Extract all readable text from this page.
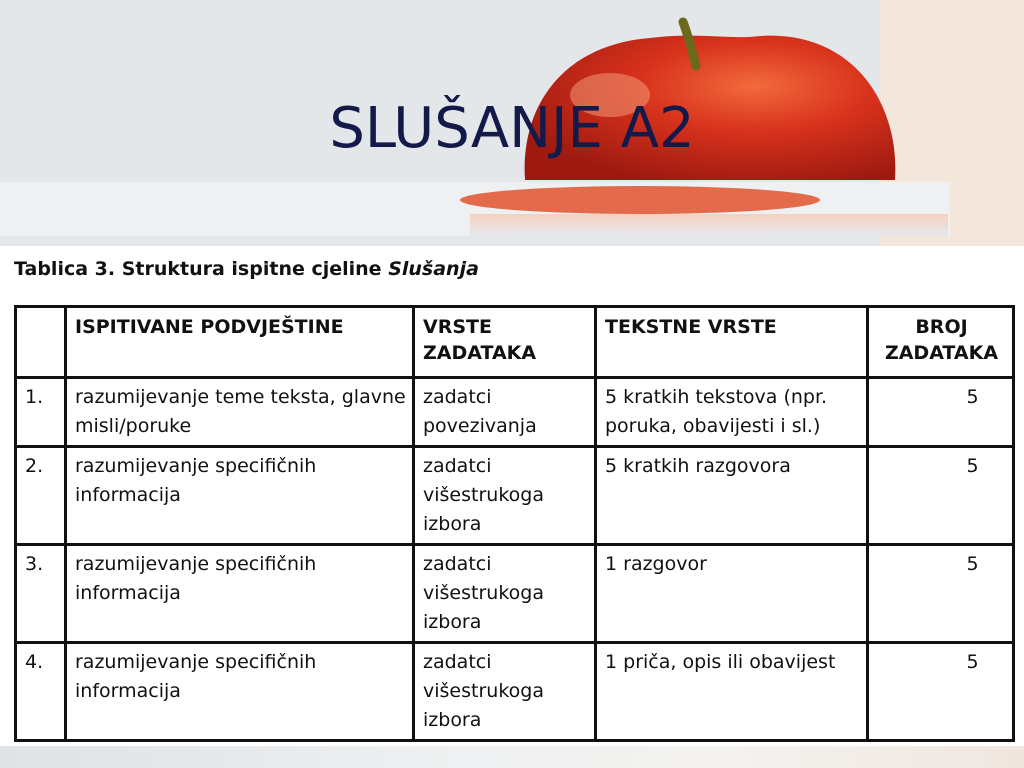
SLUŠANJE A2

Tablica 3. Struktura ispitne cjeline Slušanja

	ISPITIVANE PODVJEŠTINE	VRSTE ZADATAKA	TEKSTNE VRSTE	BROJ ZADATAKA
1.	razumijevanje teme teksta, glavne misli/poruke	zadatci povezivanja	5 kratkih tekstova (npr. poruka, obavijesti i sl.)	5
2.	razumijevanje specifičnih informacija	zadatci višestrukoga izbora	5 kratkih razgovora	5
3.	razumijevanje specifičnih informacija	zadatci višestrukoga izbora	1 razgovor	5
4.	razumijevanje specifičnih informacija	zadatci višestrukoga izbora	1 priča, opis ili obavijest	5
